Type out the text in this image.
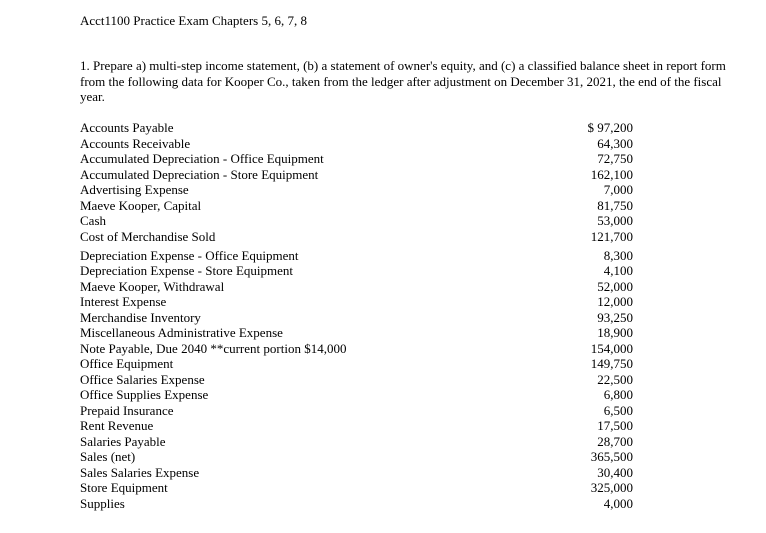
Acct1100 Practice Exam Chapters 5, 6, 7, 8
1. Prepare a) multi-step income statement, (b) a statement of owner's equity, and (c) a classified balance sheet in report form from the following data for Kooper Co., taken from the ledger after adjustment on December 31, 2021, the end of the fiscal year.
Accounts Payable	$ 97,200
Accounts Receivable	64,300
Accumulated Depreciation - Office Equipment	72,750
Accumulated Depreciation - Store Equipment	162,100
Advertising Expense	7,000
Maeve Kooper, Capital	81,750
Cash	53,000
Cost of Merchandise Sold	121,700
Depreciation Expense - Office Equipment	8,300
Depreciation Expense - Store Equipment	4,100
Maeve Kooper, Withdrawal	52,000
Interest Expense	12,000
Merchandise Inventory	93,250
Miscellaneous Administrative Expense	18,900
Note Payable, Due 2040 **current portion $14,000	154,000
Office Equipment	149,750
Office Salaries Expense	22,500
Office Supplies Expense	6,800
Prepaid Insurance	6,500
Rent Revenue	17,500
Salaries Payable	28,700
Sales (net)	365,500
Sales Salaries Expense	30,400
Store Equipment	325,000
Supplies	4,000
